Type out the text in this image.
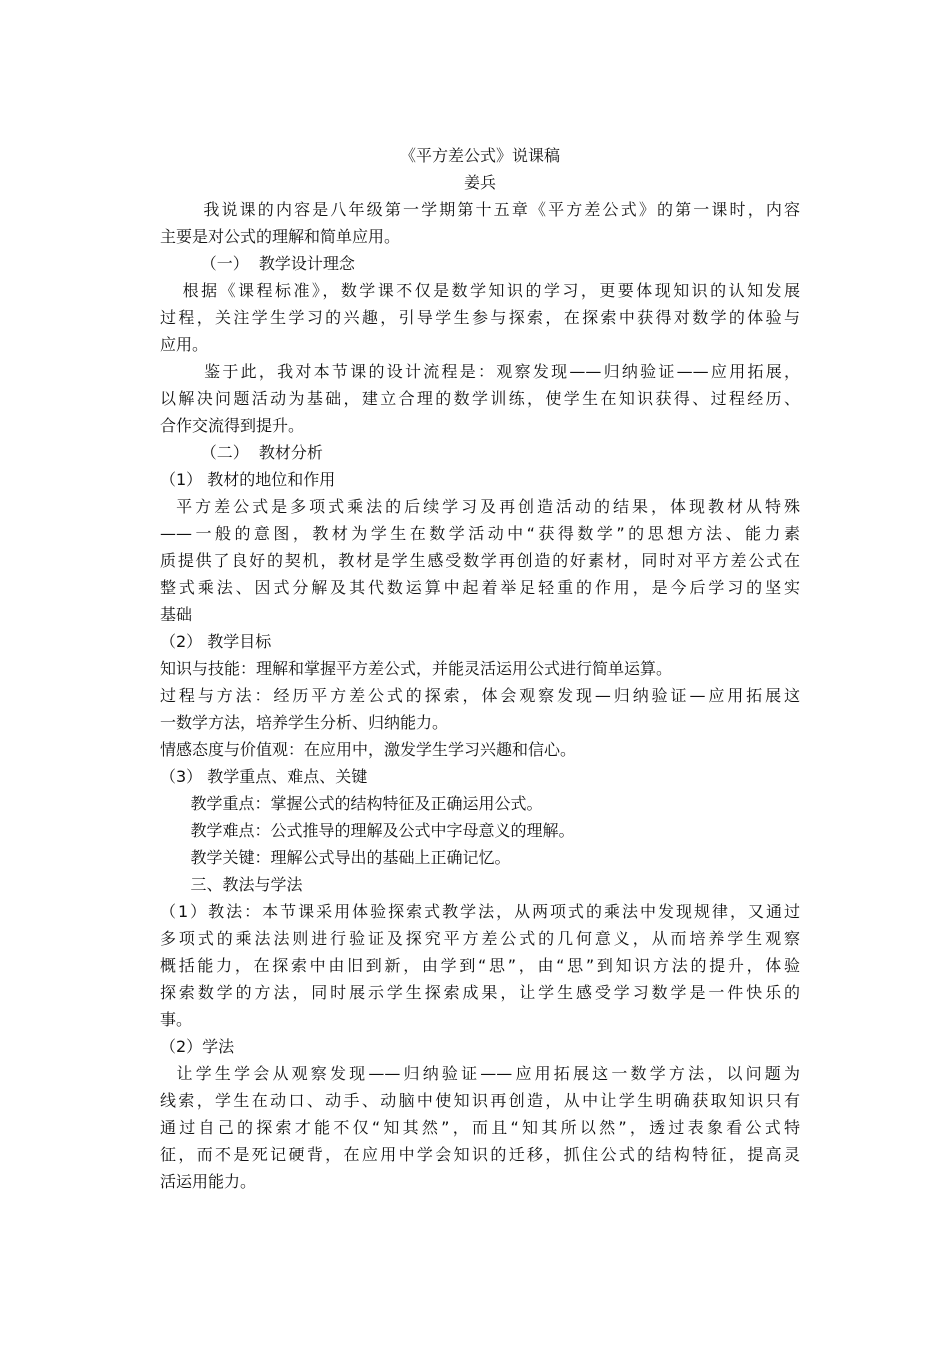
《平方差公式》说课稿
姜兵
我说课的内容是八年级第一学期第十五章《平方差公式》的第一课时，内容
主要是对公式的理解和简单应用。
（一）  教学设计理念
根据《课程标准》，数学课不仅是数学知识的学习，更要体现知识的认知发展
过程，关注学生学习的兴趣，引导学生参与探索，在探索中获得对数学的体验与
应用。
鉴于此，我对本节课的设计流程是：观察发现——归纳验证——应用拓展，
以解决问题活动为基础，建立合理的数学训练，使学生在知识获得、过程经历、
合作交流得到提升。
（二）  教材分析
（1） 教材的地位和作用
平方差公式是多项式乘法的后续学习及再创造活动的结果，体现教材从特殊
——一般的意图，教材为学生在数学活动中“获得数学”的思想方法、能力素
质提供了良好的契机，教材是学生感受数学再创造的好素材，同时对平方差公式在
整式乘法、因式分解及其代数运算中起着举足轻重的作用，是今后学习的坚实
基础
（2） 教学目标
知识与技能：理解和掌握平方差公式，并能灵活运用公式进行简单运算。
过程与方法：经历平方差公式的探索，体会观察发现—归纳验证—应用拓展这
一数学方法，培养学生分析、归纳能力。
情感态度与价值观：在应用中，激发学生学习兴趣和信心。
（3） 教学重点、难点、关键
教学重点：掌握公式的结构特征及正确运用公式。
教学难点：公式推导的理解及公式中字母意义的理解。
教学关键：理解公式导出的基础上正确记忆。
三、教法与学法
（1）教法：本节课采用体验探索式教学法，从两项式的乘法中发现规律，又通过
多项式的乘法法则进行验证及探究平方差公式的几何意义，从而培养学生观察
概括能力，在探索中由旧到新，由学到“思”，由“思”到知识方法的提升，体验
探索数学的方法，同时展示学生探索成果，让学生感受学习数学是一件快乐的
事。
（2）学法
让学生学会从观察发现——归纳验证——应用拓展这一数学方法，以问题为
线索，学生在动口、动手、动脑中使知识再创造，从中让学生明确获取知识只有
通过自己的探索才能不仅“知其然”，而且“知其所以然”，透过表象看公式特
征，而不是死记硬背，在应用中学会知识的迁移，抓住公式的结构特征，提高灵
活运用能力。
